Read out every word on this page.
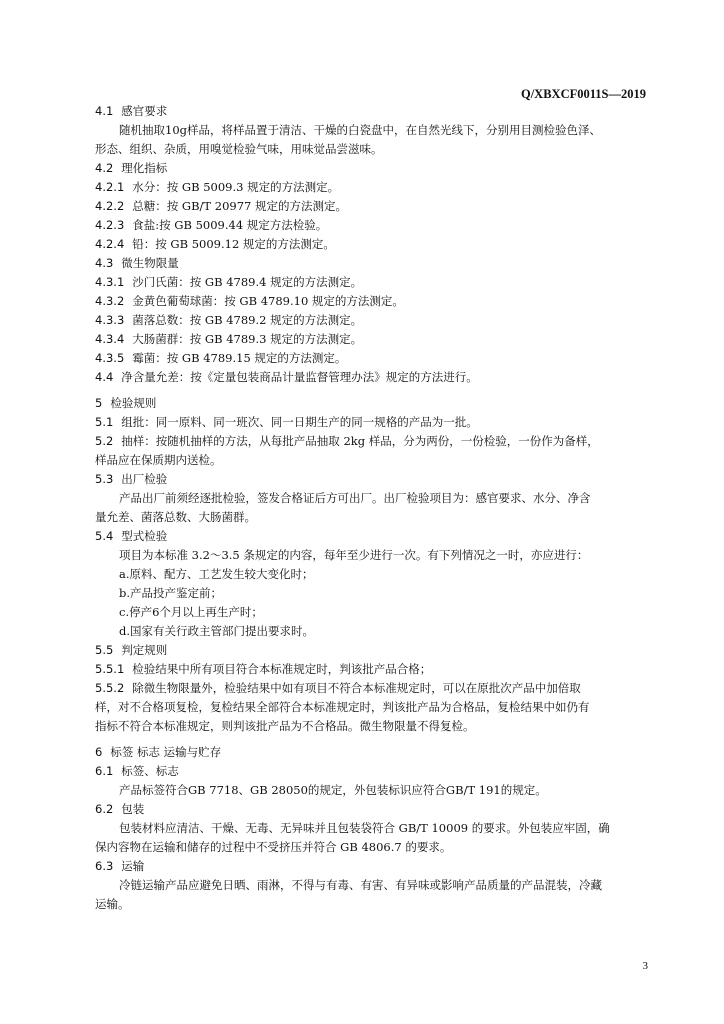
Q/XBXCF0011S—2019
4.1 感官要求
随机抽取10g样品，将样品置于清洁、干燥的白瓷盘中，在自然光线下，分别用目测检验色泽、
形态、组织、杂质，用嗅觉检验气味，用味觉品尝滋味。
4.2 理化指标
4.2.1 水分：按 GB 5009.3 规定的方法测定。
4.2.2 总糖：按 GB/T 20977 规定的方法测定。
4.2.3 食盐:按 GB 5009.44 规定方法检验。
4.2.4 铅：按 GB 5009.12 规定的方法测定。
4.3 微生物限量
4.3.1 沙门氏菌：按 GB 4789.4 规定的方法测定。
4.3.2 金黄色葡萄球菌：按 GB 4789.10 规定的方法测定。
4.3.3 菌落总数：按 GB 4789.2 规定的方法测定。
4.3.4 大肠菌群：按 GB 4789.3 规定的方法测定。
4.3.5 霉菌：按 GB 4789.15 规定的方法测定。
4.4 净含量允差：按《定量包装商品计量监督管理办法》规定的方法进行。
5 检验规则
5.1 组批：同一原料、同一班次、同一日期生产的同一规格的产品为一批。
5.2 抽样：按随机抽样的方法，从每批产品抽取 2kg 样品，分为两份，一份检验，一份作为备样，
样品应在保质期内送检。
5.3 出厂检验
产品出厂前须经逐批检验，签发合格证后方可出厂。出厂检验项目为：感官要求、水分、净含
量允差、菌落总数、大肠菌群。
5.4 型式检验
项目为本标准 3.2～3.5 条规定的内容，每年至少进行一次。有下列情况之一时，亦应进行：
a.原料、配方、工艺发生较大变化时；
b.产品投产鉴定前；
c.停产6个月以上再生产时；
d.国家有关行政主管部门提出要求时。
5.5 判定规则
5.5.1 检验结果中所有项目符合本标准规定时，判该批产品合格；
5.5.2 除微生物限量外，检验结果中如有项目不符合本标准规定时，可以在原批次产品中加倍取
样，对不合格项复检，复检结果全部符合本标准规定时，判该批产品为合格品，复检结果中如仍有
指标不符合本标准规定，则判该批产品为不合格品。微生物限量不得复检。
6 标签 标志 运输与贮存
6.1 标签、标志
产品标签符合GB 7718、GB 28050的规定，外包装标识应符合GB/T 191的规定。
6.2 包装
包装材料应清洁、干燥、无毒、无异味并且包装袋符合 GB/T 10009 的要求。外包装应牢固，确
保内容物在运输和储存的过程中不受挤压并符合 GB 4806.7 的要求。
6.3 运输
冷链运输产品应避免日晒、雨淋，不得与有毒、有害、有异味或影响产品质量的产品混装，冷藏
运输。
3
